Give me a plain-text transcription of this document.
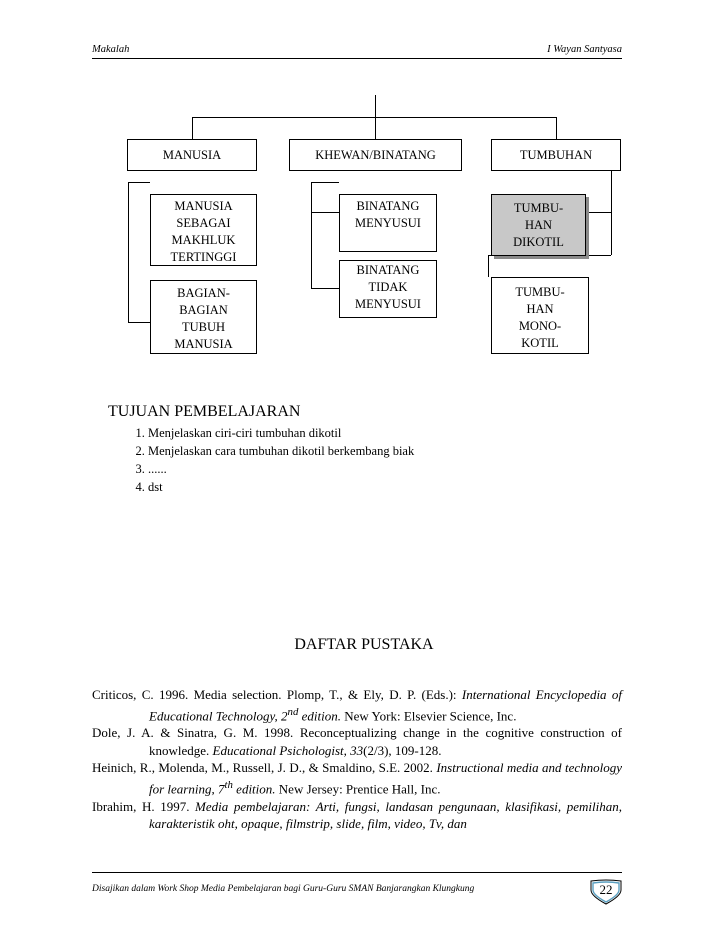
Makalah	I Wayan Santyasa
MANUSIA	KHEWAN/BINATANG	TUMBUHAN
MANUSIA
SEBAGAI
MAKHLUK
TERTINGGI
BAGIAN-
BAGIAN
TUBUH
MANUSIA
BINATANG
MENYUSUI
BINATANG
TIDAK
MENYUSUI
TUMBU-
HAN
DIKOTIL
TUMBU-
HAN
MONO-
KOTIL
TUJUAN PEMBELAJARAN
1. Menjelaskan ciri-ciri tumbuhan dikotil
2. Menjelaskan cara tumbuhan dikotil berkembang biak
3. ......
4. dst
DAFTAR PUSTAKA
Criticos, C. 1996. Media selection. Plomp, T., & Ely, D. P. (Eds.): International Encyclopedia of Educational Technology, 2nd edition. New York: Elsevier Science, Inc.
Dole, J. A. & Sinatra, G. M. 1998. Reconceptualizing change in the cognitive construction of knowledge. Educational Psichologist, 33(2/3), 109-128.
Heinich, R., Molenda, M., Russell, J. D., & Smaldino, S.E. 2002. Instructional media and technology for learning, 7th edition. New Jersey: Prentice Hall, Inc.
Ibrahim, H. 1997. Media pembelajaran: Arti, fungsi, landasan pengunaan, klasifikasi, pemilihan, karakteristik oht, opaque, filmstrip, slide, film, video, Tv, dan
Disajikan dalam Work Shop Media Pembelajaran bagi Guru-Guru SMAN Banjarangkan Klungkung	22
